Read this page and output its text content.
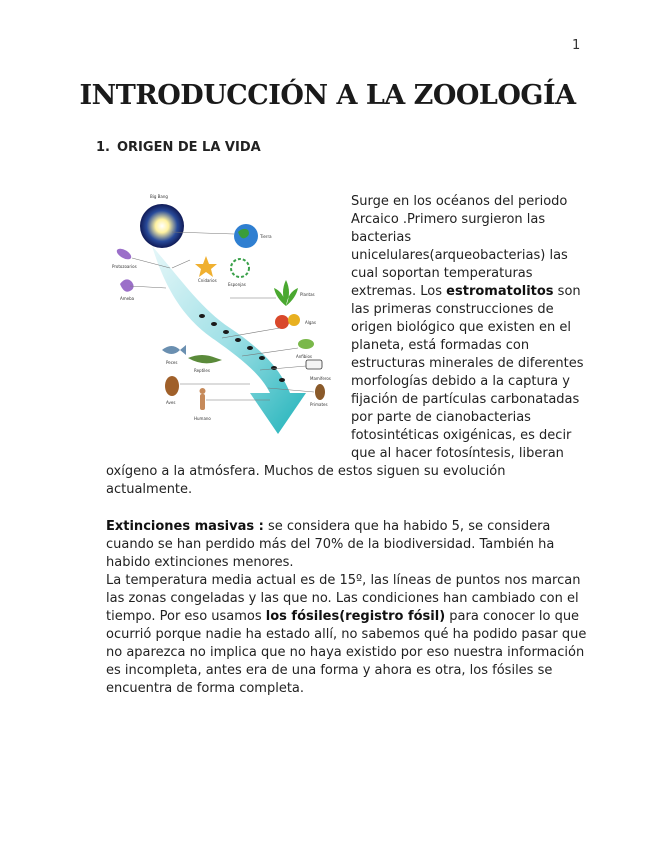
1
INTRODUCCIÓN A LA ZOOLOGÍA
1. ORIGEN DE LA VIDA
Big Bang
Tierra
Protozoarios
Ameba
Cnidarios
Esponjas
Plantas
Algas
Anfibios
Mamíferos
Primates
Peces
Reptiles
Aves
Humano

Surge en los océanos del periodo
Arcaico .Primero surgieron las
bacterias
unicelulares(arqueobacterias) las
cual soportan temperaturas
extremas. Los estromatolitos son
las primeras construcciones de
origen biológico que existen en el
planeta, está formadas con
estructuras minerales de diferentes
morfologías debido a la captura y
fijación de partículas carbonatadas
por parte de cianobacterias
fotosintéticas oxigénicas, es decir
que al hacer fotosíntesis, liberan

oxígeno a la atmósfera. Muchos de estos siguen su evolución
actualmente.

Extinciones masivas : se considera que ha habido 5, se considera cuando se han perdido más del 70% de la biodiversidad. También ha habido extinciones menores.
La temperatura media actual es de 15º, las líneas de puntos nos marcan las zonas congeladas y las que no. Las condiciones han cambiado con el tiempo. Por eso usamos los fósiles(registro fósil) para conocer lo que ocurrió porque nadie ha estado allí, no sabemos qué ha podido pasar que no aparezca no implica que no haya existido por eso nuestra información es incompleta, antes era de una forma y ahora es otra, los fósiles se encuentra de forma completa.
